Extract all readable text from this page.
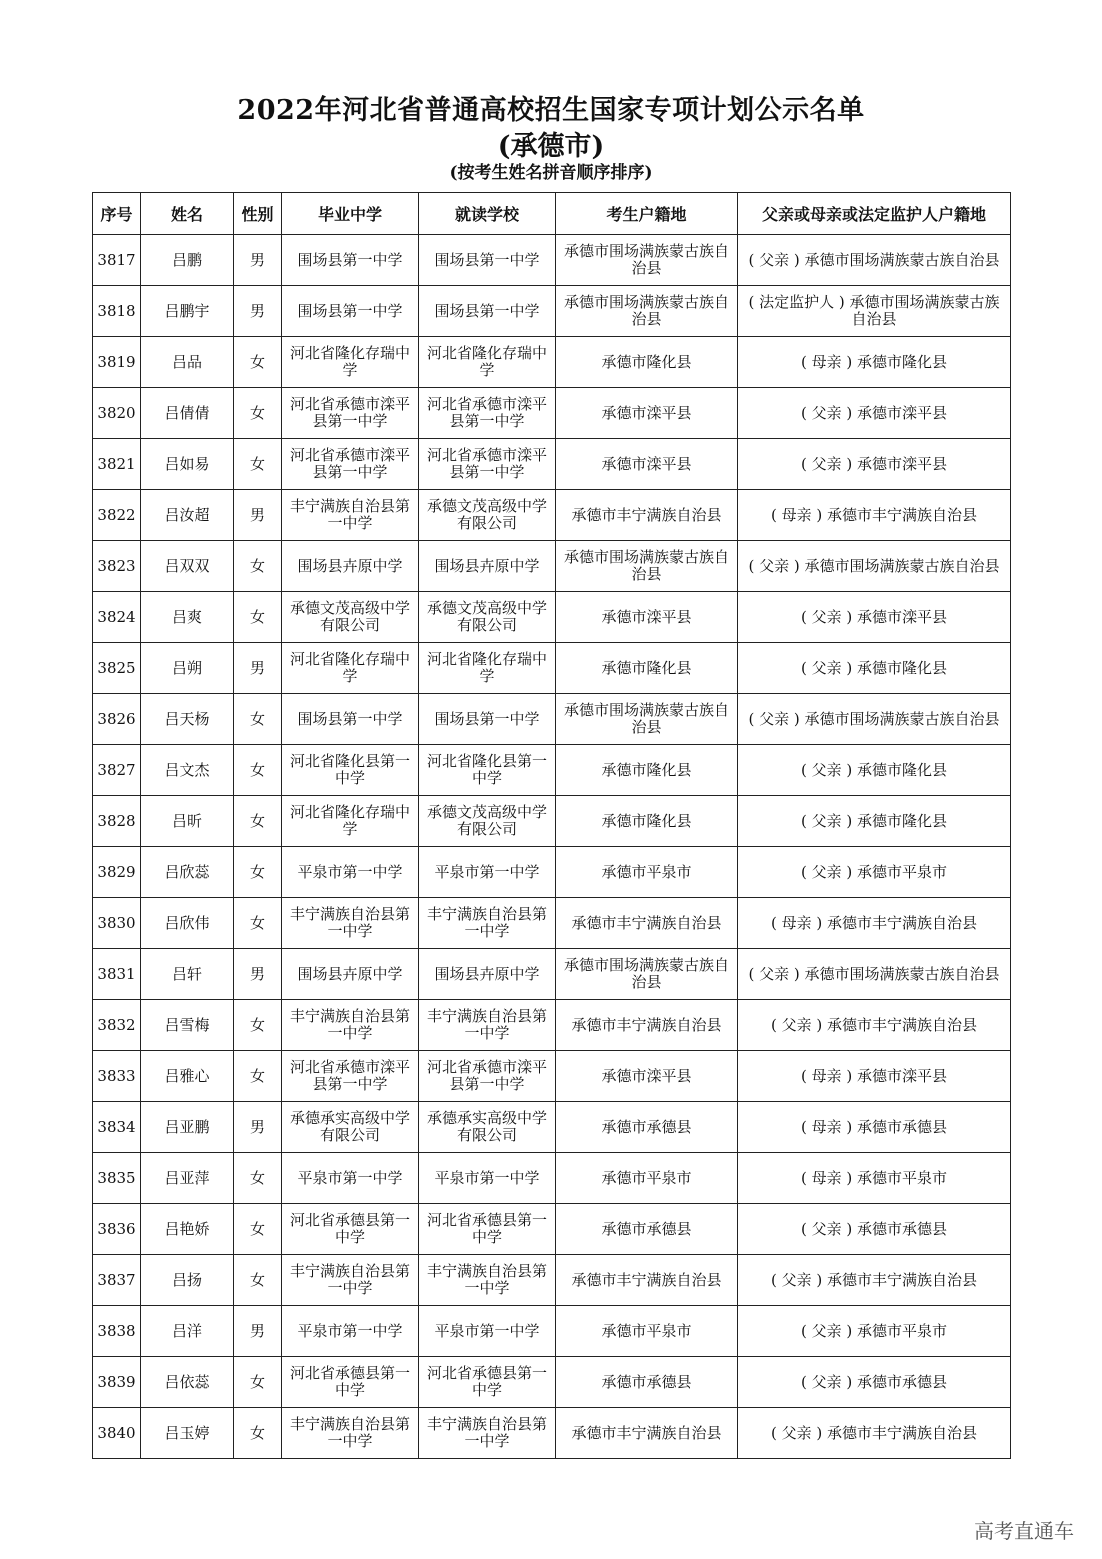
2022年河北省普通高校招生国家专项计划公示名单
(承德市)
(按考生姓名拼音顺序排序)
序号	姓名	性别	毕业中学	就读学校	考生户籍地	父亲或母亲或法定监护人户籍地
3817	吕鹏	男	围场县第一中学	围场县第一中学	承德市围场满族蒙古族自治县	( 父亲 ) 承德市围场满族蒙古族自治县
3818	吕鹏宇	男	围场县第一中学	围场县第一中学	承德市围场满族蒙古族自治县	( 法定监护人 ) 承德市围场满族蒙古族自治县
3819	吕品	女	河北省隆化存瑞中学	河北省隆化存瑞中学	承德市隆化县	( 母亲 ) 承德市隆化县
3820	吕倩倩	女	河北省承德市滦平县第一中学	河北省承德市滦平县第一中学	承德市滦平县	( 父亲 ) 承德市滦平县
3821	吕如易	女	河北省承德市滦平县第一中学	河北省承德市滦平县第一中学	承德市滦平县	( 父亲 ) 承德市滦平县
3822	吕汝超	男	丰宁满族自治县第一中学	承德文茂高级中学有限公司	承德市丰宁满族自治县	( 母亲 ) 承德市丰宁满族自治县
3823	吕双双	女	围场县卉原中学	围场县卉原中学	承德市围场满族蒙古族自治县	( 父亲 ) 承德市围场满族蒙古族自治县
3824	吕爽	女	承德文茂高级中学有限公司	承德文茂高级中学有限公司	承德市滦平县	( 父亲 ) 承德市滦平县
3825	吕朔	男	河北省隆化存瑞中学	河北省隆化存瑞中学	承德市隆化县	( 父亲 ) 承德市隆化县
3826	吕天杨	女	围场县第一中学	围场县第一中学	承德市围场满族蒙古族自治县	( 父亲 ) 承德市围场满族蒙古族自治县
3827	吕文杰	女	河北省隆化县第一中学	河北省隆化县第一中学	承德市隆化县	( 父亲 ) 承德市隆化县
3828	吕昕	女	河北省隆化存瑞中学	承德文茂高级中学有限公司	承德市隆化县	( 父亲 ) 承德市隆化县
3829	吕欣蕊	女	平泉市第一中学	平泉市第一中学	承德市平泉市	( 父亲 ) 承德市平泉市
3830	吕欣伟	女	丰宁满族自治县第一中学	丰宁满族自治县第一中学	承德市丰宁满族自治县	( 母亲 ) 承德市丰宁满族自治县
3831	吕轩	男	围场县卉原中学	围场县卉原中学	承德市围场满族蒙古族自治县	( 父亲 ) 承德市围场满族蒙古族自治县
3832	吕雪梅	女	丰宁满族自治县第一中学	丰宁满族自治县第一中学	承德市丰宁满族自治县	( 父亲 ) 承德市丰宁满族自治县
3833	吕雅心	女	河北省承德市滦平县第一中学	河北省承德市滦平县第一中学	承德市滦平县	( 母亲 ) 承德市滦平县
3834	吕亚鹏	男	承德承实高级中学有限公司	承德承实高级中学有限公司	承德市承德县	( 母亲 ) 承德市承德县
3835	吕亚萍	女	平泉市第一中学	平泉市第一中学	承德市平泉市	( 母亲 ) 承德市平泉市
3836	吕艳娇	女	河北省承德县第一中学	河北省承德县第一中学	承德市承德县	( 父亲 ) 承德市承德县
3837	吕扬	女	丰宁满族自治县第一中学	丰宁满族自治县第一中学	承德市丰宁满族自治县	( 父亲 ) 承德市丰宁满族自治县
3838	吕洋	男	平泉市第一中学	平泉市第一中学	承德市平泉市	( 父亲 ) 承德市平泉市
3839	吕依蕊	女	河北省承德县第一中学	河北省承德县第一中学	承德市承德县	( 父亲 ) 承德市承德县
3840	吕玉婷	女	丰宁满族自治县第一中学	丰宁满族自治县第一中学	承德市丰宁满族自治县	( 父亲 ) 承德市丰宁满族自治县
高考直通车
